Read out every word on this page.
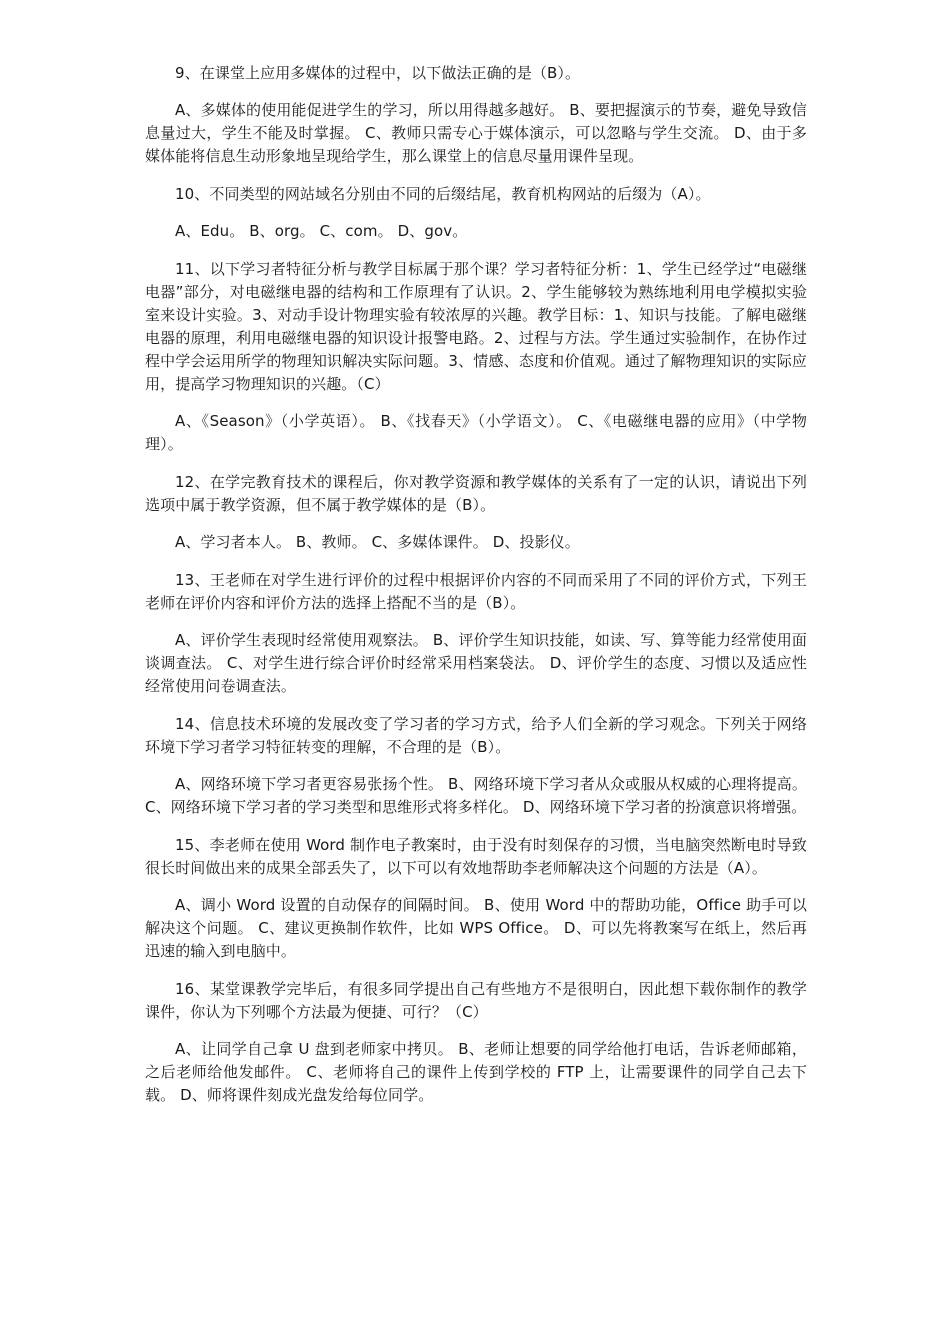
9、在课堂上应用多媒体的过程中，以下做法正确的是（B）。

A、多媒体的使用能促进学生的学习，所以用得越多越好。 B、要把握演示的节奏，避免导致信息量过大，学生不能及时掌握。 C、教师只需专心于媒体演示，可以忽略与学生交流。 D、由于多媒体能将信息生动形象地呈现给学生，那么课堂上的信息尽量用课件呈现。

10、不同类型的网站域名分别由不同的后缀结尾，教育机构网站的后缀为（A）。

A、Edu。 B、org。 C、com。 D、gov。

11、以下学习者特征分析与教学目标属于那个课？学习者特征分析：1、学生已经学过“电磁继电器”部分，对电磁继电器的结构和工作原理有了认识。2、学生能够较为熟练地利用电学模拟实验室来设计实验。3、对动手设计物理实验有较浓厚的兴趣。教学目标：1、知识与技能。了解电磁继电器的原理，利用电磁继电器的知识设计报警电路。2、过程与方法。学生通过实验制作，在协作过程中学会运用所学的物理知识解决实际问题。3、情感、态度和价值观。通过了解物理知识的实际应用，提高学习物理知识的兴趣。（C）

A、《Season》（小学英语）。 B、《找春天》（小学语文）。 C、《电磁继电器的应用》（中学物理）。

12、在学完教育技术的课程后，你对教学资源和教学媒体的关系有了一定的认识，请说出下列选项中属于教学资源，但不属于教学媒体的是（B）。

A、学习者本人。 B、教师。 C、多媒体课件。 D、投影仪。

13、王老师在对学生进行评价的过程中根据评价内容的不同而采用了不同的评价方式，下列王老师在评价内容和评价方法的选择上搭配不当的是（B）。

A、评价学生表现时经常使用观察法。 B、评价学生知识技能，如读、写、算等能力经常使用面谈调查法。 C、对学生进行综合评价时经常采用档案袋法。 D、评价学生的态度、习惯以及适应性经常使用问卷调查法。

14、信息技术环境的发展改变了学习者的学习方式，给予人们全新的学习观念。下列关于网络环境下学习者学习特征转变的理解，不合理的是（B）。

A、网络环境下学习者更容易张扬个性。 B、网络环境下学习者从众或服从权威的心理将提高。 C、网络环境下学习者的学习类型和思维形式将多样化。 D、网络环境下学习者的扮演意识将增强。

15、李老师在使用 Word 制作电子教案时，由于没有时刻保存的习惯，当电脑突然断电时导致很长时间做出来的成果全部丢失了，以下可以有效地帮助李老师解决这个问题的方法是（A）。

A、调小 Word 设置的自动保存的间隔时间。 B、使用 Word 中的帮助功能，Office 助手可以解决这个问题。 C、建议更换制作软件，比如 WPS Office。 D、可以先将教案写在纸上，然后再迅速的输入到电脑中。

16、某堂课教学完毕后，有很多同学提出自己有些地方不是很明白，因此想下载你制作的教学课件，你认为下列哪个方法最为便捷、可行？（C）

A、让同学自己拿 U 盘到老师家中拷贝。 B、老师让想要的同学给他打电话，告诉老师邮箱，之后老师给他发邮件。 C、老师将自己的课件上传到学校的 FTP 上，让需要课件的同学自己去下载。 D、师将课件刻成光盘发给每位同学。
